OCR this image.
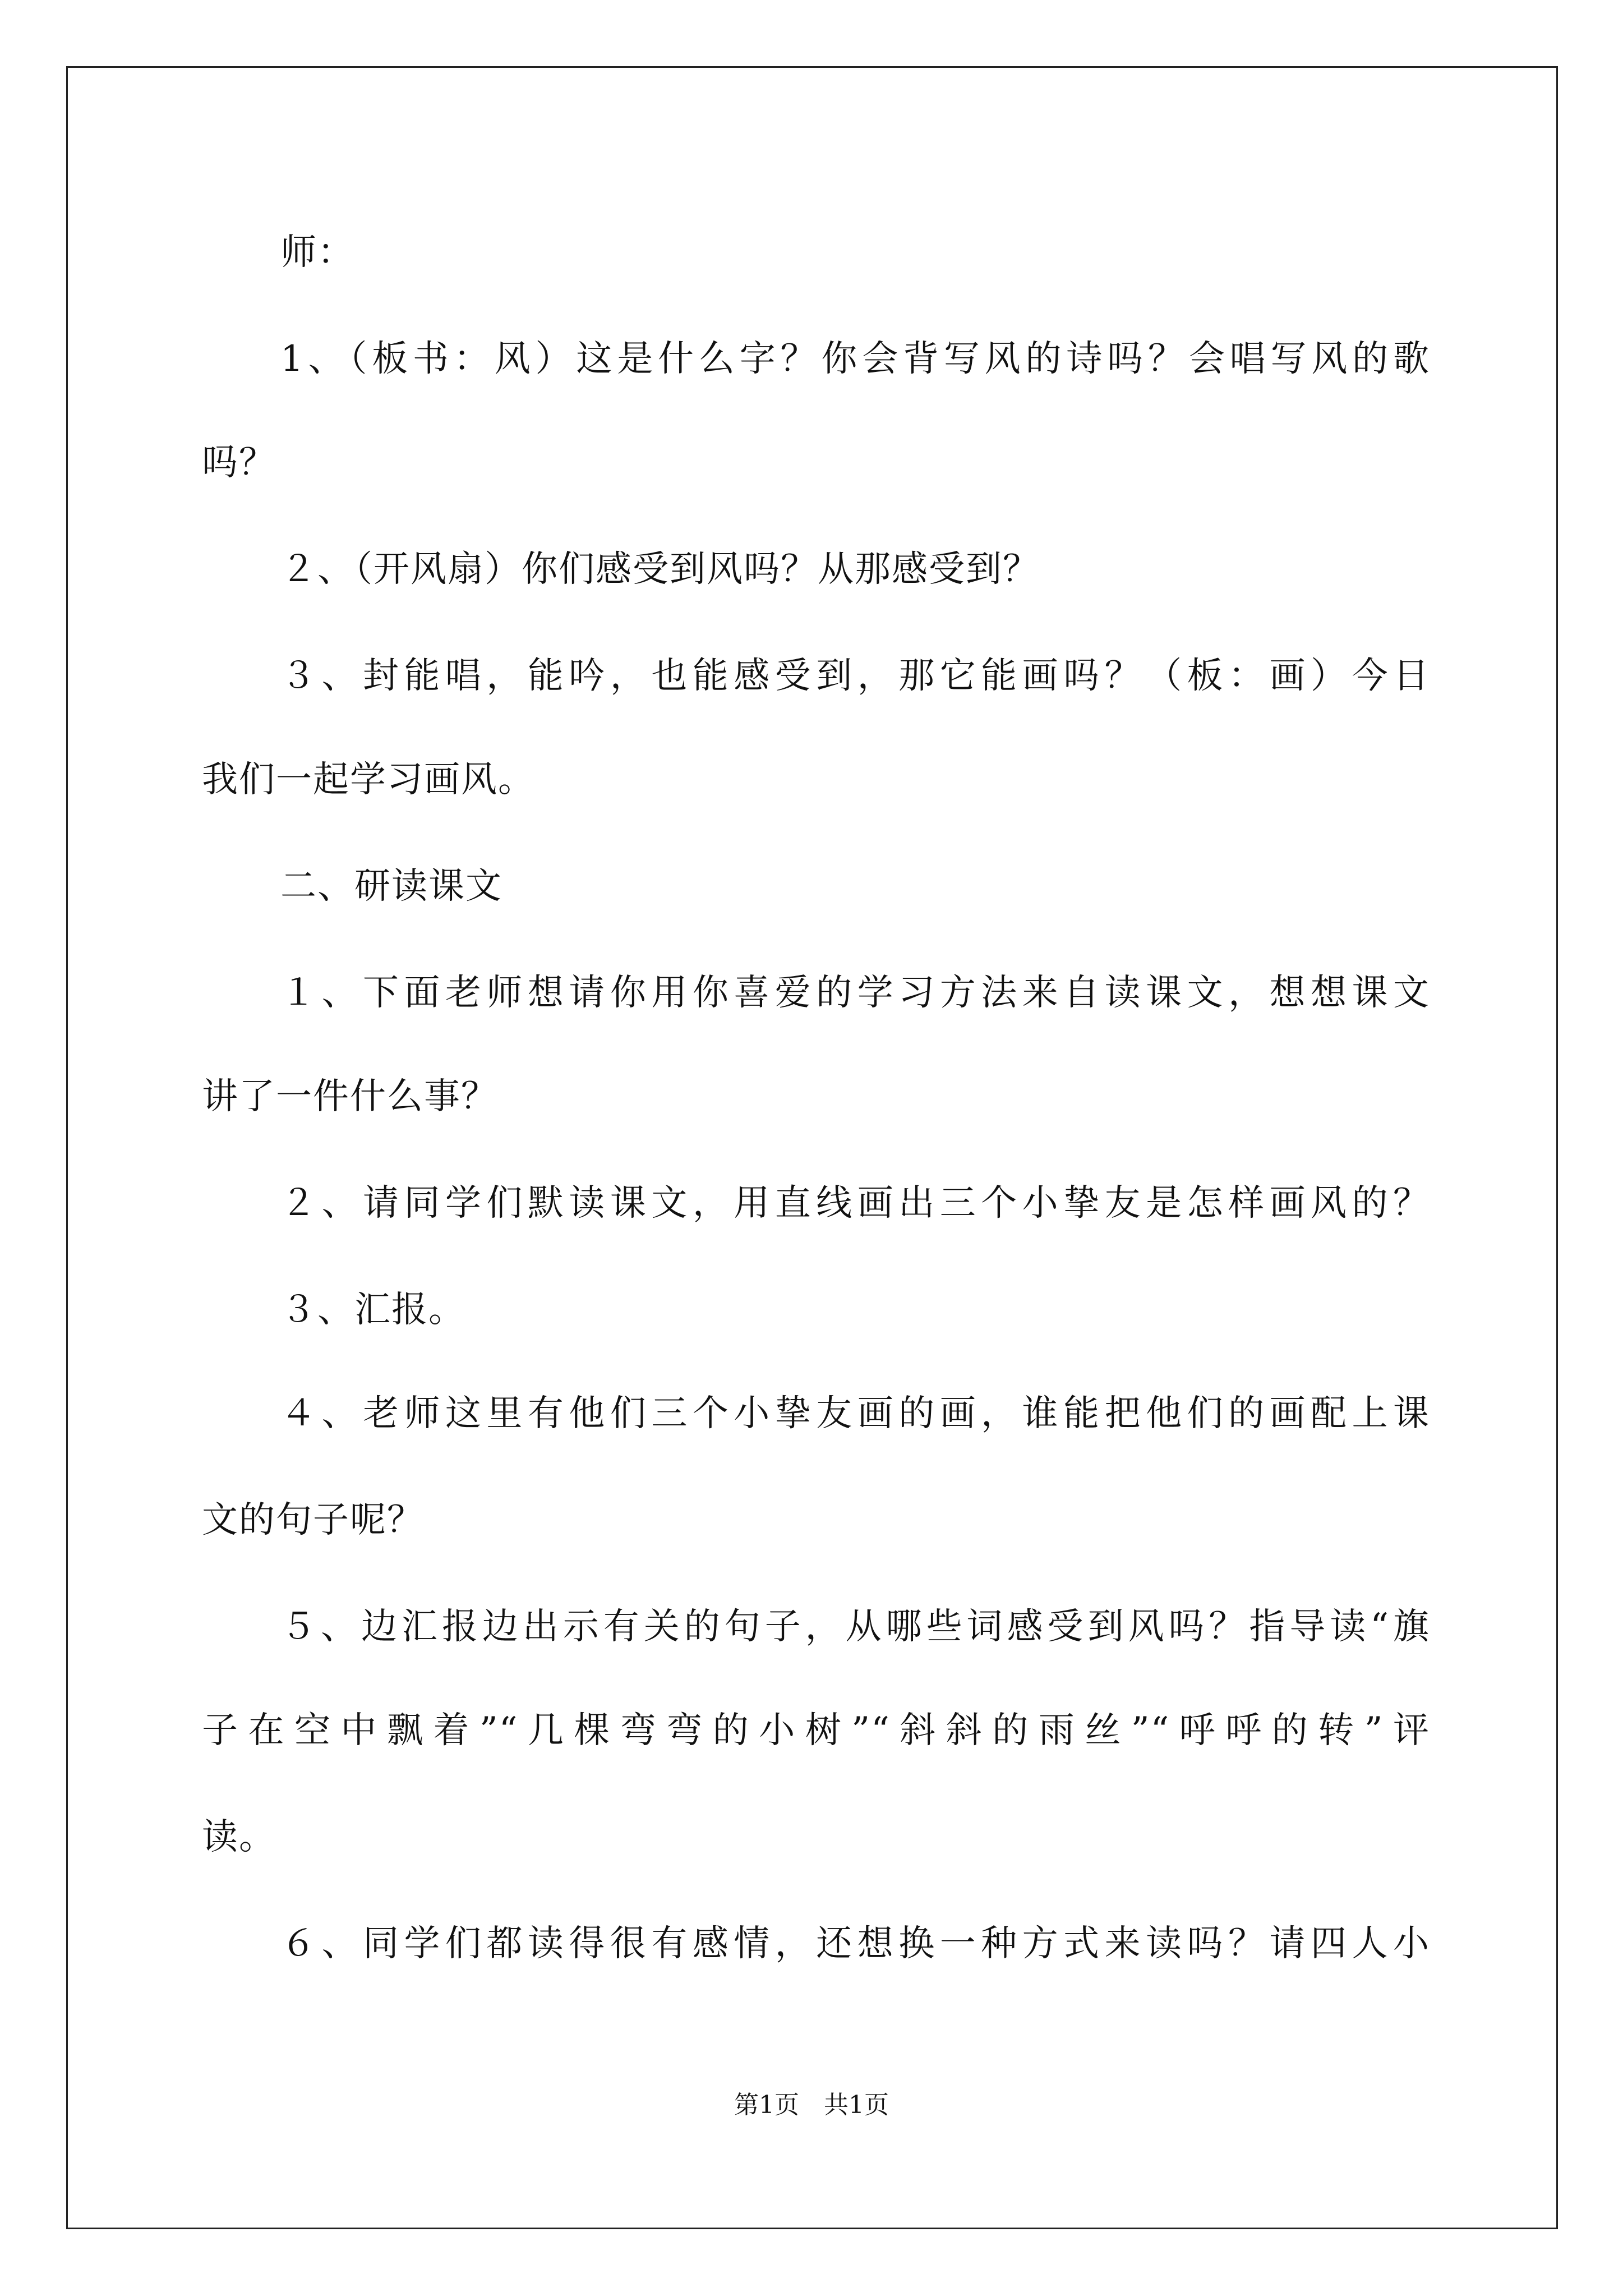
师：
1、（板书：风）这是什么字？你会背写风的诗吗？会唱写风的歌
吗？
２、（开风扇）你们感受到风吗？从那感受到？
３、封能唱，能吟，也能感受到，那它能画吗？（板：画）今日
我们一起学习画风。
二、研读课文
１、下面老师想请你用你喜爱的学习方法来自读课文，想想课文
讲了一件什么事？
２、请同学们默读课文，用直线画出三个小挚友是怎样画风的？
３、汇报。
４、老师这里有他们三个小挚友画的画，谁能把他们的画配上课
文的句子呢？
５、边汇报边出示有关的句子，从哪些词感受到风吗？指导读“旗
子在空中飘着”“几棵弯弯的小树”“斜斜的雨丝”“呼呼的转”评
读。
６、同学们都读得很有感情，还想换一种方式来读吗？请四人小
第1页　共1页
